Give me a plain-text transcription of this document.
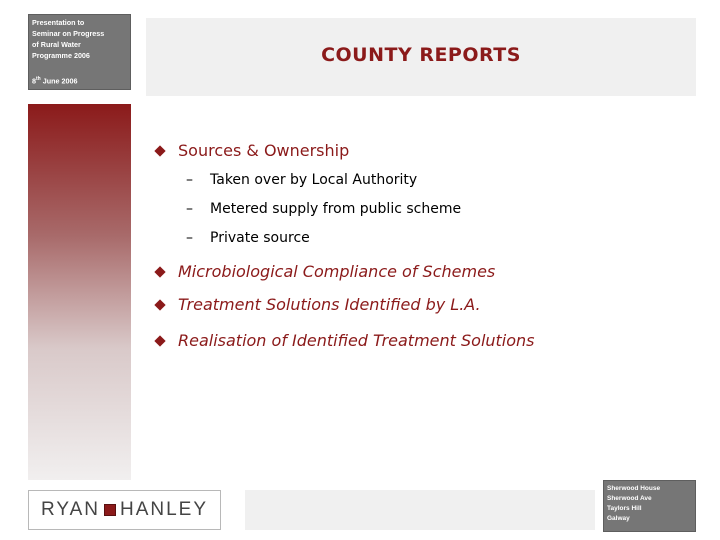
Presentation to
Seminar on Progress
of Rural Water
Programme 2006
8th June 2006
COUNTY REPORTS
Sources & Ownership
–	Taken over by Local Authority
–	Metered supply from public scheme
–	Private source
Microbiological Compliance of Schemes
Treatment Solutions Identified by L.A.
Realisation of Identified Treatment Solutions
RYAN HANLEY
Sherwood House
Sherwood Ave
Taylors Hill
Galway
